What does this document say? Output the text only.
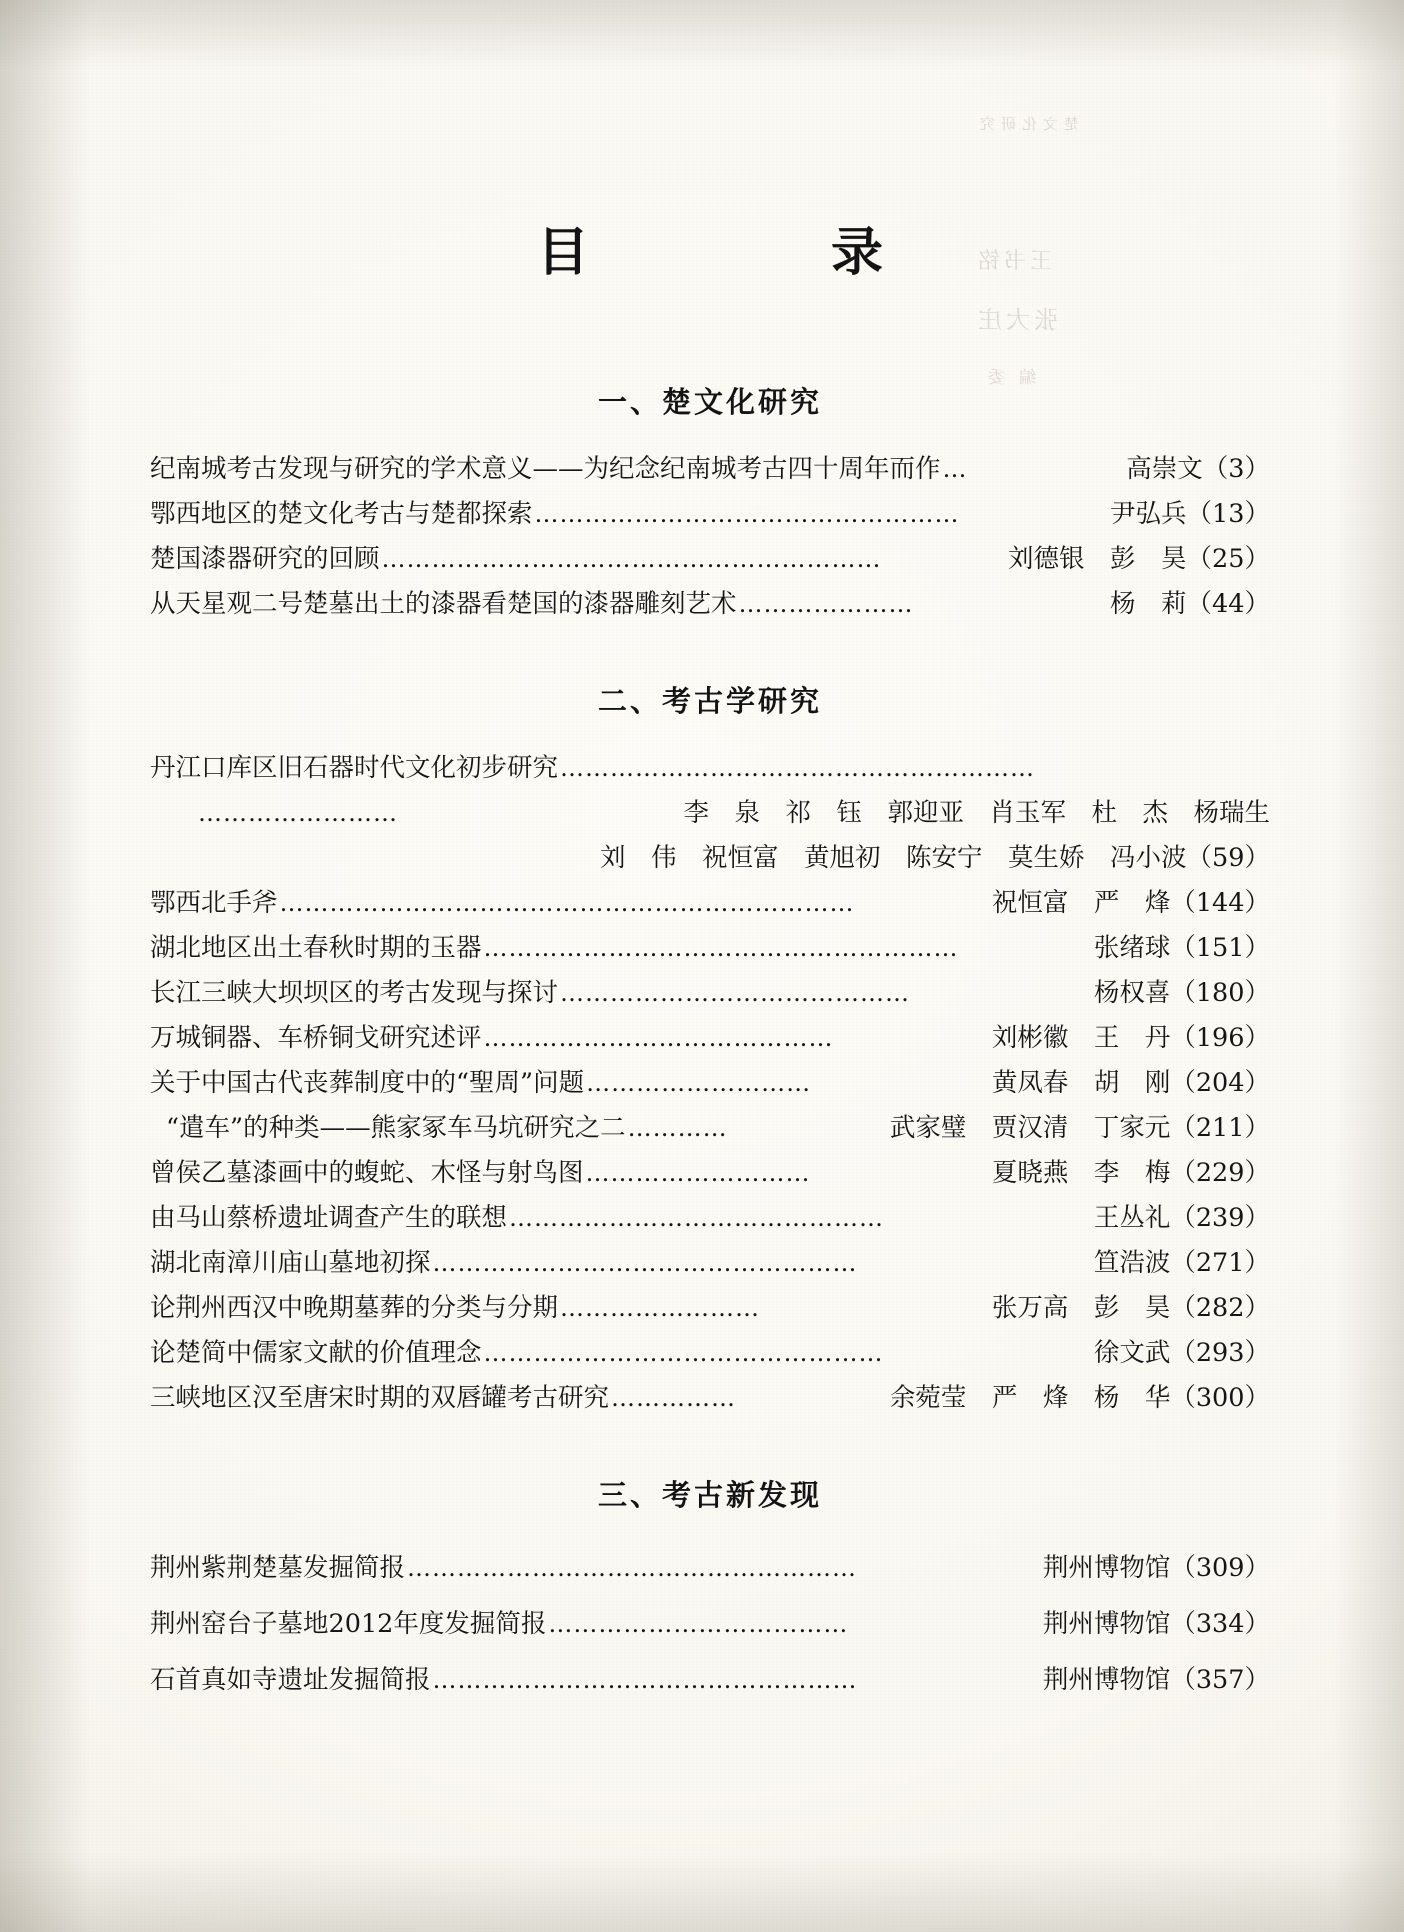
楚文化研究
王书铭
张大庄
编委
目　　录
一、楚文化研究
纪南城考古发现与研究的学术意义——为纪念纪南城考古四十周年而作 …	高崇文 （3）
鄂西地区的楚文化考古与楚都探索 ……………………………………………	尹弘兵 （13）
楚国漆器研究的回顾 ……………………………………………………	刘德银　彭　昊 （25）
从天星观二号楚墓出土的漆器看楚国的漆器雕刻艺术 …………………	杨　莉 （44）
二、考古学研究
丹江口库区旧石器时代文化初步研究 …………………………………………………
……………………	李　泉　祁　钰　郭迎亚　肖玉军　杜　杰　杨瑞生
刘　伟　祝恒富　黄旭初　陈安宁　莫生娇　冯小波 （59）
鄂西北手斧 ……………………………………………………………	祝恒富　严　烽 （144）
湖北地区出土春秋时期的玉器 …………………………………………………	张绪球 （151）
长江三峡大坝坝区的考古发现与探讨 ……………………………………	杨权喜 （180）
万城铜器、车桥铜戈研究述评 ……………………………………	刘彬徽　王　丹 （196）
关于中国古代丧葬制度中的“聖周”问题 ………………………	黄凤春　胡　刚 （204）
“遣车”的种类——熊家冢车马坑研究之二 …………	武家璧　贾汉清　丁家元 （211）
曾侯乙墓漆画中的蝮蛇、木怪与射鸟图 ………………………	夏晓燕　李　梅 （229）
由马山蔡桥遗址调查产生的联想 ………………………………………	王丛礼 （239）
湖北南漳川庙山墓地初探 ……………………………………………	笪浩波 （271）
论荆州西汉中晚期墓葬的分类与分期 ……………………	张万高　彭　昊 （282）
论楚简中儒家文献的价值理念 …………………………………………	徐文武 （293）
三峡地区汉至唐宋时期的双唇罐考古研究 ……………	余菀莹　严　烽　杨　华 （300）
三、考古新发现
荆州紫荆楚墓发掘简报 ………………………………………………	荆州博物馆 （309）
荆州窑台子墓地2012年度发掘简报 ………………………………	荆州博物馆 （334）
石首真如寺遗址发掘简报 ……………………………………………	荆州博物馆 （357）
